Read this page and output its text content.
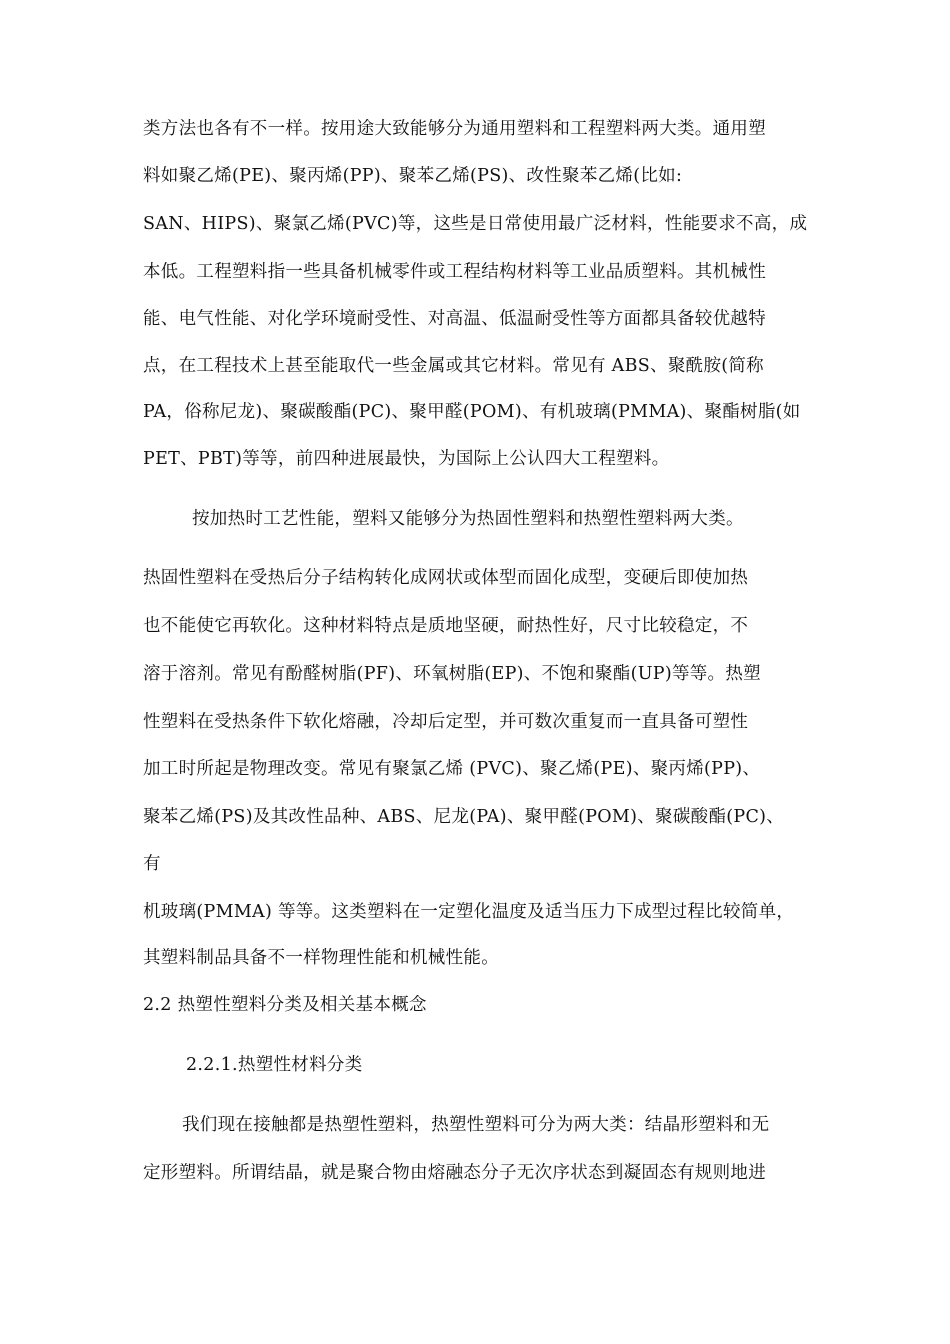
类方法也各有不一样。按用途大致能够分为通用塑料和工程塑料两大类。通用塑
料如聚乙烯(PE)、聚丙烯(PP)、聚苯乙烯(PS)、改性聚苯乙烯(比如:
SAN、HIPS)、聚氯乙烯(PVC)等，这些是日常使用最广泛材料，性能要求不高，成
本低。工程塑料指一些具备机械零件或工程结构材料等工业品质塑料。其机械性
能、电气性能、对化学环境耐受性、对高温、低温耐受性等方面都具备较优越特
点，在工程技术上甚至能取代一些金属或其它材料。常见有 ABS、聚酰胺(简称
PA，俗称尼龙)、聚碳酸酯(PC)、聚甲醛(POM)、有机玻璃(PMMA)、聚酯树脂(如
PET、PBT)等等，前四种进展最快，为国际上公认四大工程塑料。
按加热时工艺性能，塑料又能够分为热固性塑料和热塑性塑料两大类。
热固性塑料在受热后分子结构转化成网状或体型而固化成型，变硬后即使加热
也不能使它再软化。这种材料特点是质地坚硬，耐热性好，尺寸比较稳定，不
溶于溶剂。常见有酚醛树脂(PF)、环氧树脂(EP)、不饱和聚酯(UP)等等。热塑
性塑料在受热条件下软化熔融，冷却后定型，并可数次重复而一直具备可塑性
加工时所起是物理改变。常见有聚氯乙烯 (PVC)、聚乙烯(PE)、聚丙烯(PP)、
聚苯乙烯(PS)及其改性品种、ABS、尼龙(PA)、聚甲醛(POM)、聚碳酸酯(PC)、
有
机玻璃(PMMA) 等等。这类塑料在一定塑化温度及适当压力下成型过程比较简单，
其塑料制品具备不一样物理性能和机械性能。
2.2 热塑性塑料分类及相关基本概念
2.2.1.热塑性材料分类
我们现在接触都是热塑性塑料，热塑性塑料可分为两大类：结晶形塑料和无
定形塑料。所谓结晶，就是聚合物由熔融态分子无次序状态到凝固态有规则地进
